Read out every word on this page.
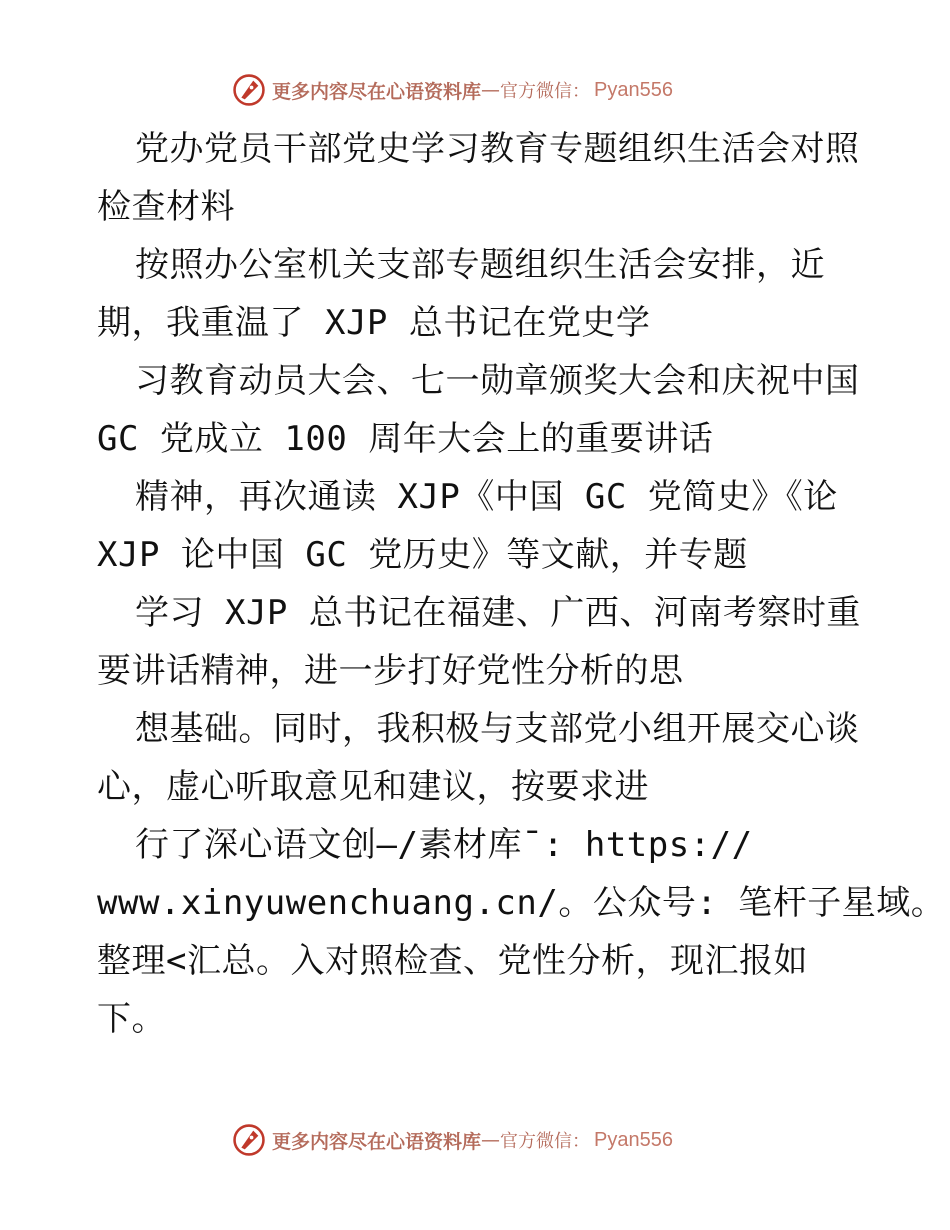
更多内容尽在心语资料库 — 官方微信： Pyan556
党办党员干部党史学习教育专题组织生活会对照
检查材料
按照办公室机关支部专题组织生活会安排，近
期，我重温了 XJP 总书记在党史学
习教育动员大会、七一勋章颁奖大会和庆祝中国
GC 党成立 100 周年大会上的重要讲话
精神，再次通读 XJP《中国 GC 党简史》《论
XJP 论中国 GC 党历史》等文献，并专题
学习 XJP 总书记在福建、广西、河南考察时重
要讲话精神，进一步打好党性分析的思
想基础。同时，我积极与支部党小组开展交心谈
心，虚心听取意见和建议，按要求进
行了深心语文创—/素材库¯: https://
www.xinyuwenchuang.cn/。公众号: 笔杆子星域。
整理<汇总。入对照检查、党性分析，现汇报如
下。
更多内容尽在心语资料库 — 官方微信： Pyan556
